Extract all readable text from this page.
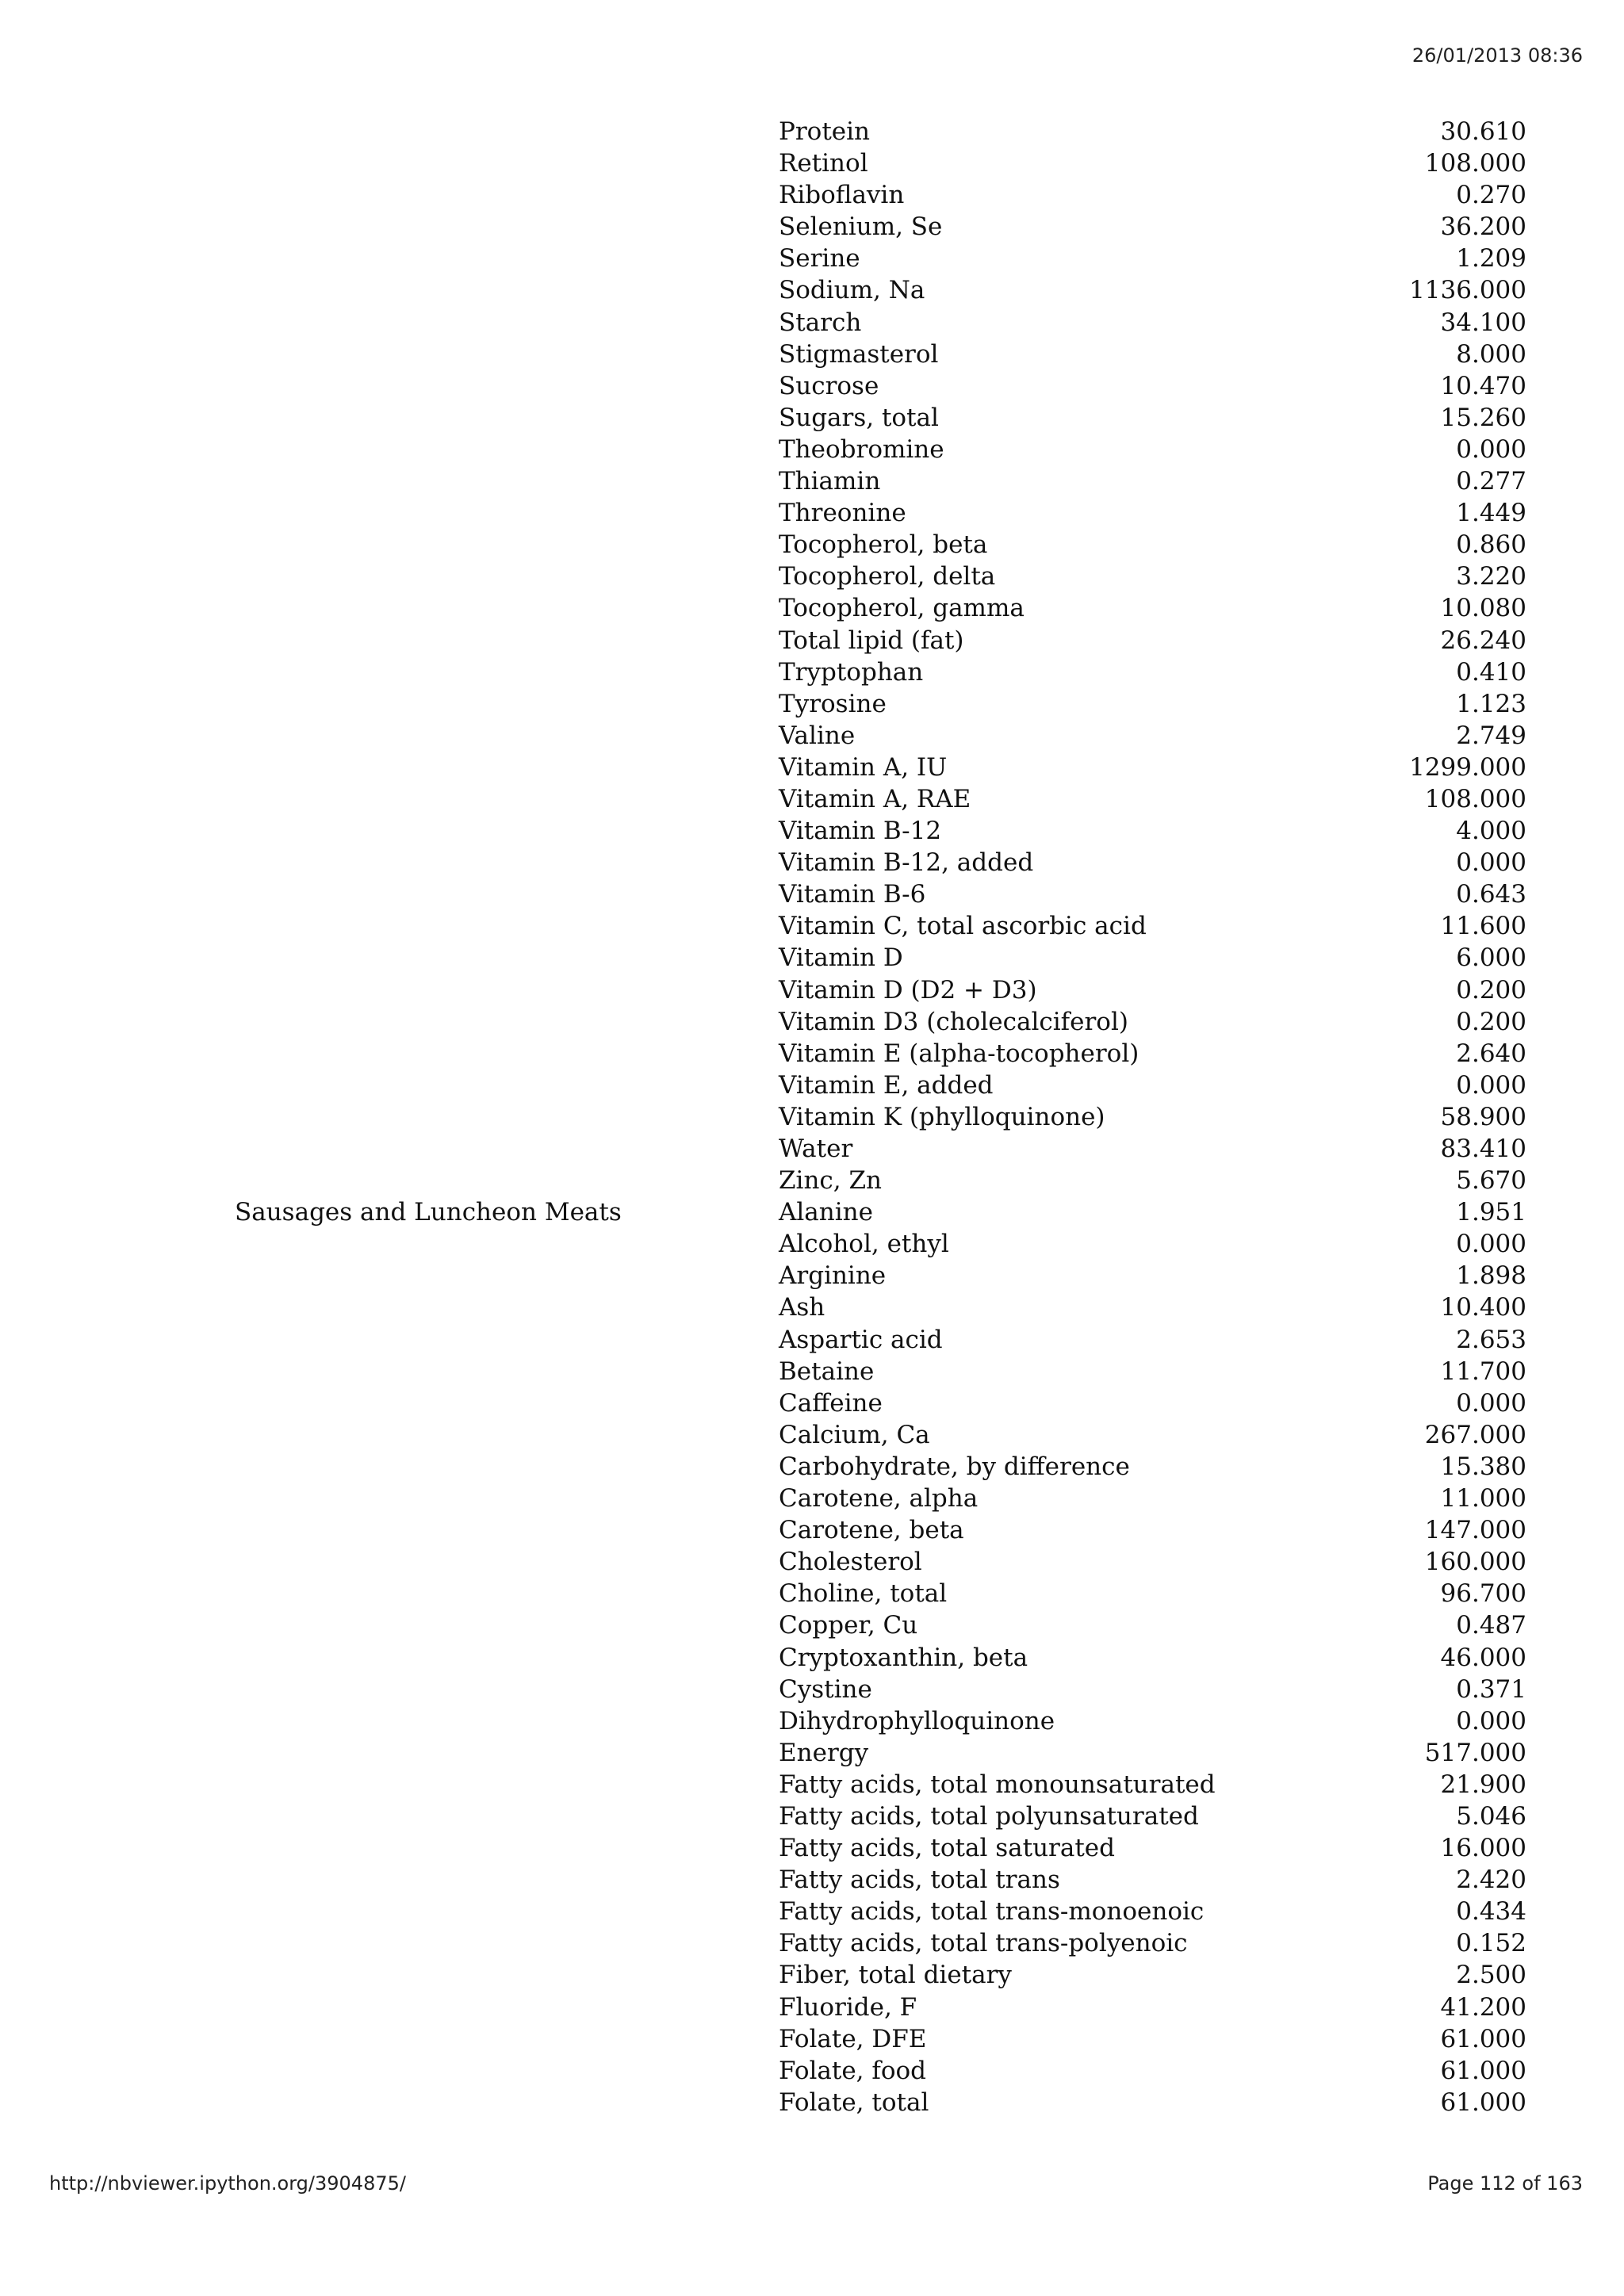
26/01/2013 08:36
Protein	30.610
Retinol	108.000
Riboflavin	0.270
Selenium, Se	36.200
Serine	1.209
Sodium, Na	1136.000
Starch	34.100
Stigmasterol	8.000
Sucrose	10.470
Sugars, total	15.260
Theobromine	0.000
Thiamin	0.277
Threonine	1.449
Tocopherol, beta	0.860
Tocopherol, delta	3.220
Tocopherol, gamma	10.080
Total lipid (fat)	26.240
Tryptophan	0.410
Tyrosine	1.123
Valine	2.749
Vitamin A, IU	1299.000
Vitamin A, RAE	108.000
Vitamin B-12	4.000
Vitamin B-12, added	0.000
Vitamin B-6	0.643
Vitamin C, total ascorbic acid	11.600
Vitamin D	6.000
Vitamin D (D2 + D3)	0.200
Vitamin D3 (cholecalciferol)	0.200
Vitamin E (alpha-tocopherol)	2.640
Vitamin E, added	0.000
Vitamin K (phylloquinone)	58.900
Water	83.410
Zinc, Zn	5.670
Sausages and Luncheon Meats	Alanine	1.951
Alcohol, ethyl	0.000
Arginine	1.898
Ash	10.400
Aspartic acid	2.653
Betaine	11.700
Caffeine	0.000
Calcium, Ca	267.000
Carbohydrate, by difference	15.380
Carotene, alpha	11.000
Carotene, beta	147.000
Cholesterol	160.000
Choline, total	96.700
Copper, Cu	0.487
Cryptoxanthin, beta	46.000
Cystine	0.371
Dihydrophylloquinone	0.000
Energy	517.000
Fatty acids, total monounsaturated	21.900
Fatty acids, total polyunsaturated	5.046
Fatty acids, total saturated	16.000
Fatty acids, total trans	2.420
Fatty acids, total trans-monoenoic	0.434
Fatty acids, total trans-polyenoic	0.152
Fiber, total dietary	2.500
Fluoride, F	41.200
Folate, DFE	61.000
Folate, food	61.000
Folate, total	61.000
http://nbviewer.ipython.org/3904875/	Page 112 of 163
